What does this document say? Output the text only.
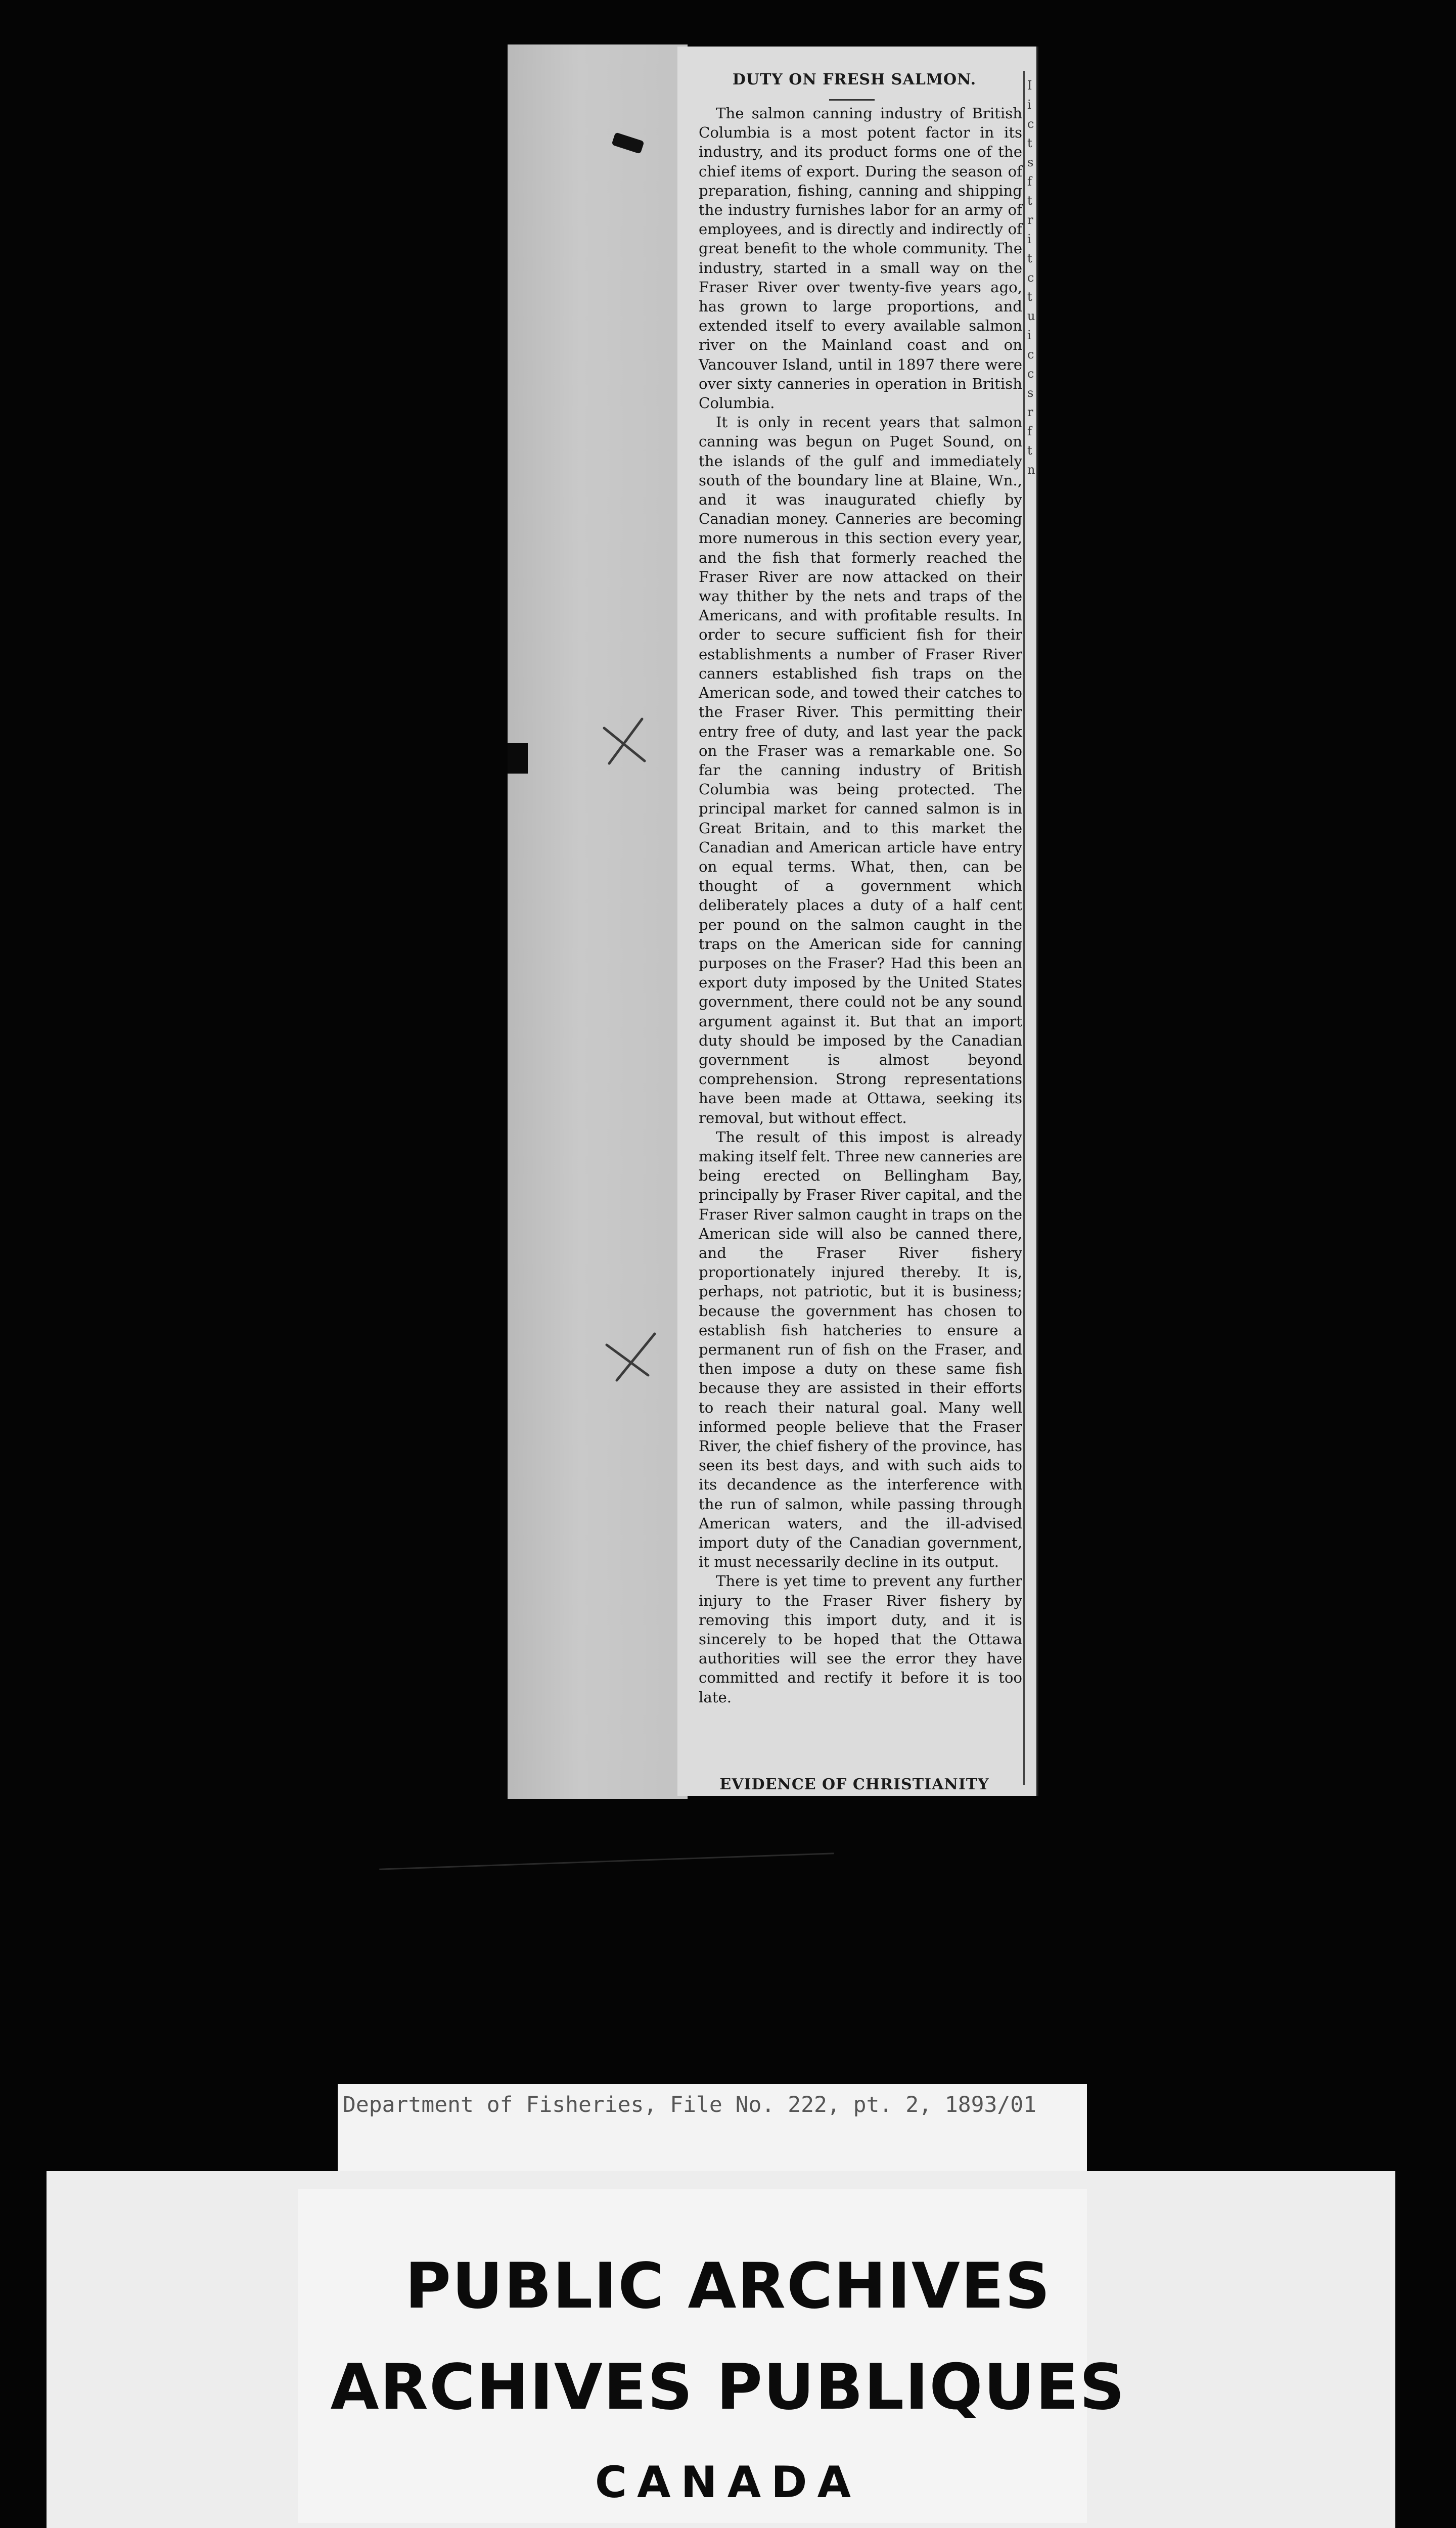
I
i
c
t
s
f
t
r
i
t
c
t
u
i
c
c
s
r
f
t
n
DUTY ON FRESH SALMON.

The salmon canning industry of British Columbia is a most potent factor in its industry, and its product forms one of the chief items of export. During the season of preparation, fishing, canning and shipping the industry furnishes labor for an army of employees, and is directly and indirectly of great benefit to the whole community. The industry, started in a small way on the Fraser River over twenty-five years ago, has grown to large proportions, and extended itself to every available salmon river on the Mainland coast and on Vancouver Island, until in 1897 there were over sixty canneries in operation in British Columbia.

It is only in recent years that salmon canning was begun on Puget Sound, on the islands of the gulf and immediately south of the boundary line at Blaine, Wn., and it was inaugurated chiefly by Canadian money. Canneries are becoming more numerous in this section every year, and the fish that formerly reached the Fraser River are now attacked on their way thither by the nets and traps of the Americans, and with profitable results. In order to secure sufficient fish for their establishments a number of Fraser River canners established fish traps on the American sode, and towed their catches to the Fraser River. This permitting their entry free of duty, and last year the pack on the Fraser was a remarkable one. So far the canning industry of British Columbia was being protected. The principal market for canned salmon is in Great Britain, and to this market the Canadian and American article have entry on equal terms. What, then, can be thought of a government which deliberately places a duty of a half cent per pound on the salmon caught in the traps on the American side for canning purposes on the Fraser? Had this been an export duty imposed by the United States government, there could not be any sound argument against it. But that an import duty should be imposed by the Canadian government is almost beyond comprehension. Strong representations have been made at Ottawa, seeking its removal, but without effect.

The result of this impost is already making itself felt. Three new canneries are being erected on Bellingham Bay, principally by Fraser River capital, and the Fraser River salmon caught in traps on the American side will also be canned there, and the Fraser River fishery proportionately injured thereby. It is, perhaps, not patriotic, but it is business; because the government has chosen to establish fish hatcheries to ensure a permanent run of fish on the Fraser, and then impose a duty on these same fish because they are assisted in their efforts to reach their natural goal. Many well informed people believe that the Fraser River, the chief fishery of the province, has seen its best days, and with such aids to its decandence as the interference with the run of salmon, while passing through American waters, and the ill-advised import duty of the Canadian government, it must necessarily decline in its output.

There is yet time to prevent any further injury to the Fraser River fishery by removing this import duty, and it is sincerely to be hoped that the Ottawa authorities will see the error they have committed and rectify it before it is too late.

EVIDENCE OF CHRISTIANITY
Department of Fisheries, File No. 222, pt. 2, 1893/01
PUBLIC ARCHIVES
ARCHIVES PUBLIQUES
CANADA
